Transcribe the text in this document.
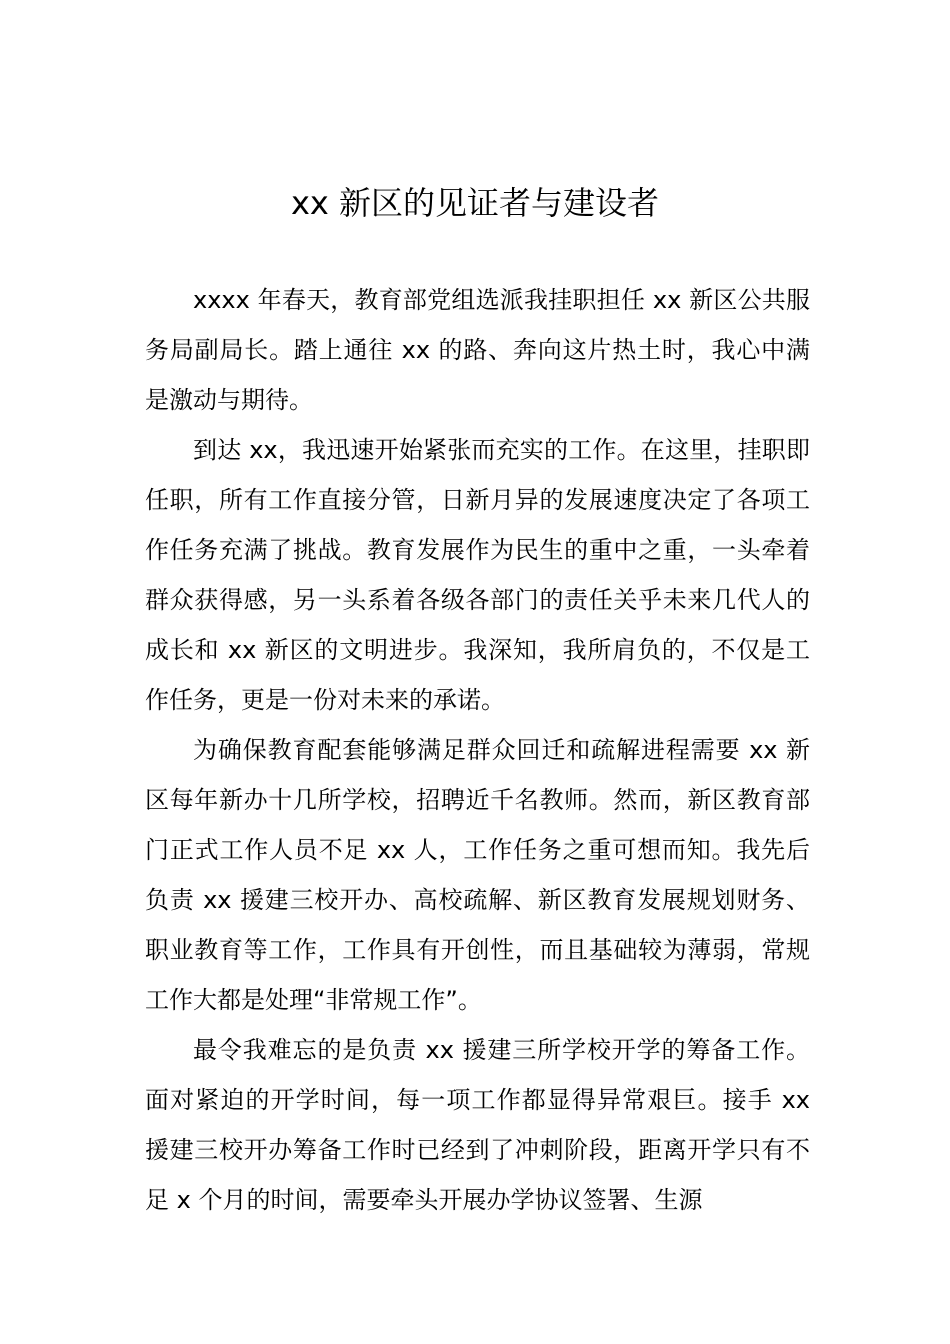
xx 新区的见证者与建设者

xxxx 年春天，教育部党组选派我挂职担任 xx 新区公共服务局副局长。踏上通往 xx 的路、奔向这片热土时，我心中满是激动与期待。

到达 xx，我迅速开始紧张而充实的工作。在这里，挂职即任职，所有工作直接分管，日新月异的发展速度决定了各项工作任务充满了挑战。教育发展作为民生的重中之重，一头牵着群众获得感，另一头系着各级各部门的责任关乎未来几代人的成长和 xx 新区的文明进步。我深知，我所肩负的，不仅是工作任务，更是一份对未来的承诺。

为确保教育配套能够满足群众回迁和疏解进程需要 xx 新区每年新办十几所学校，招聘近千名教师。然而，新区教育部门正式工作人员不足 xx 人，工作任务之重可想而知。我先后负责 xx 援建三校开办、高校疏解、新区教育发展规划财务、职业教育等工作，工作具有开创性，而且基础较为薄弱，常规工作大都是处理“非常规工作”。

最令我难忘的是负责 xx 援建三所学校开学的筹备工作。面对紧迫的开学时间，每一项工作都显得异常艰巨。接手 xx 援建三校开办筹备工作时已经到了冲刺阶段，距离开学只有不足 x 个月的时间，需要牵头开展办学协议签署、生源
